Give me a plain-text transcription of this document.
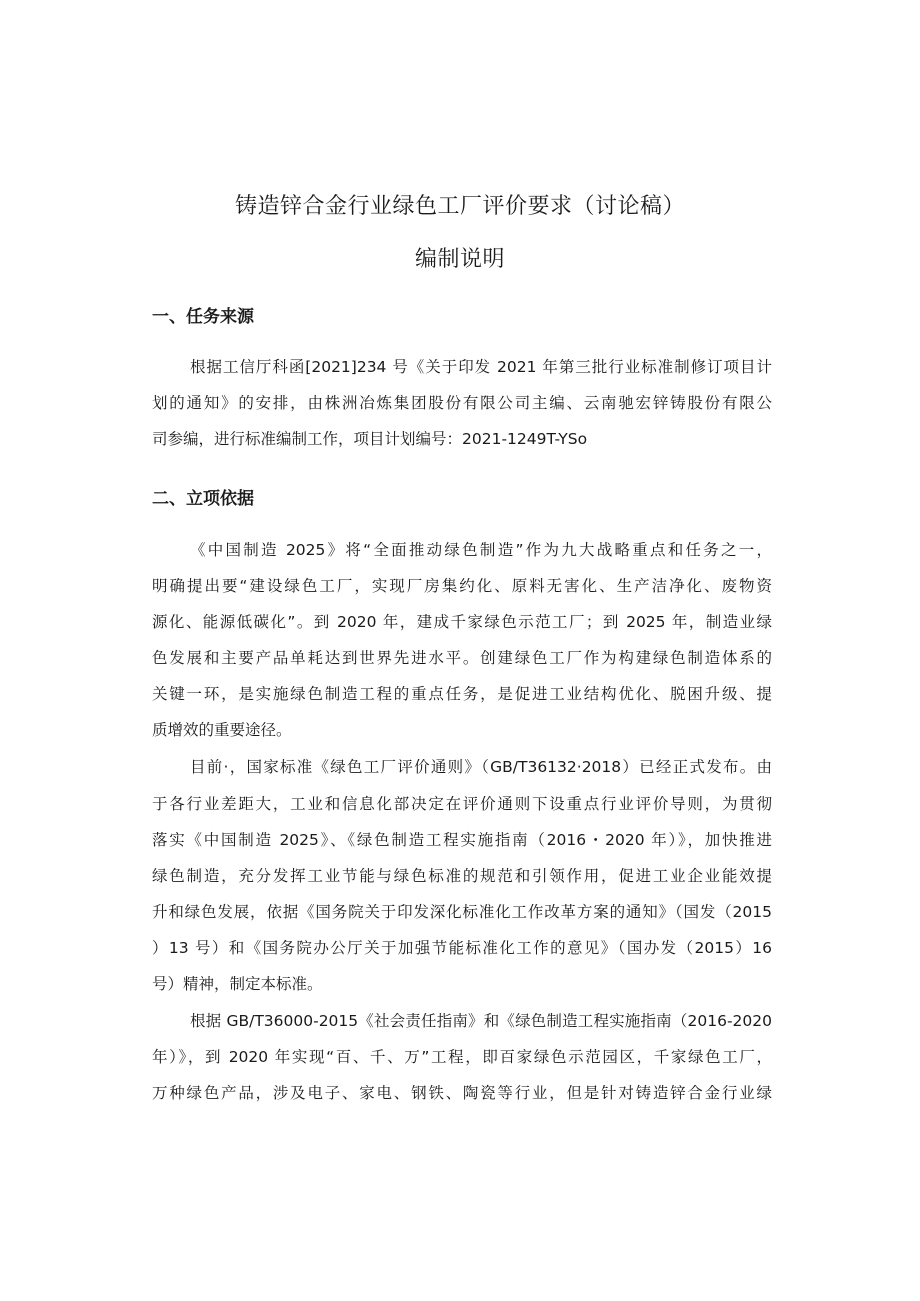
铸造锌合金行业绿色工厂评价要求（讨论稿）
编制说明
一、任务来源
根据工信厅科函[2021]234 号《关于印发 2021 年第三批行业标准制修订项目计
划的通知》的安排，由株洲冶炼集团股份有限公司主编、云南驰宏锌铸股份有限公
司参编，进行标准编制工作，项目计划编号：2021-1249T-YSo
二、立项依据
《中国制造 2025》将“全面推动绿色制造”作为九大战略重点和任务之一，
明确提出要“建设绿色工厂，实现厂房集约化、原料无害化、生产洁净化、废物资
源化、能源低碳化”。到 2020 年，建成千家绿色示范工厂；到 2025 年，制造业绿
色发展和主要产品单耗达到世界先进水平。创建绿色工厂作为构建绿色制造体系的
关键一环，是实施绿色制造工程的重点任务，是促进工业结构优化、脱困升级、提
质增效的重要途径。
目前·，国家标准《绿色工厂评价通则》（GB/T36132·2018）已经正式发布。由
于各行业差距大，工业和信息化部决定在评价通则下设重点行业评价导则，为贯彻
落实《中国制造 2025》、《绿色制造工程实施指南（2016・2020 年）》，加快推进
绿色制造，充分发挥工业节能与绿色标准的规范和引领作用，促进工业企业能效提
升和绿色发展，依据《国务院关于印发深化标准化工作改革方案的通知》（国发（2015
）13 号）和《国务院办公厅关于加强节能标准化工作的意见》（国办发（2015）16
号）精神，制定本标准。
根据 GB/T36000-2015《社会责任指南》和《绿色制造工程实施指南（2016-2020
年）》，到 2020 年实现“百、千、万”工程，即百家绿色示范园区，千家绿色工厂，
万种绿色产品，涉及电子、家电、钢铁、陶瓷等行业，但是针对铸造锌合金行业绿
